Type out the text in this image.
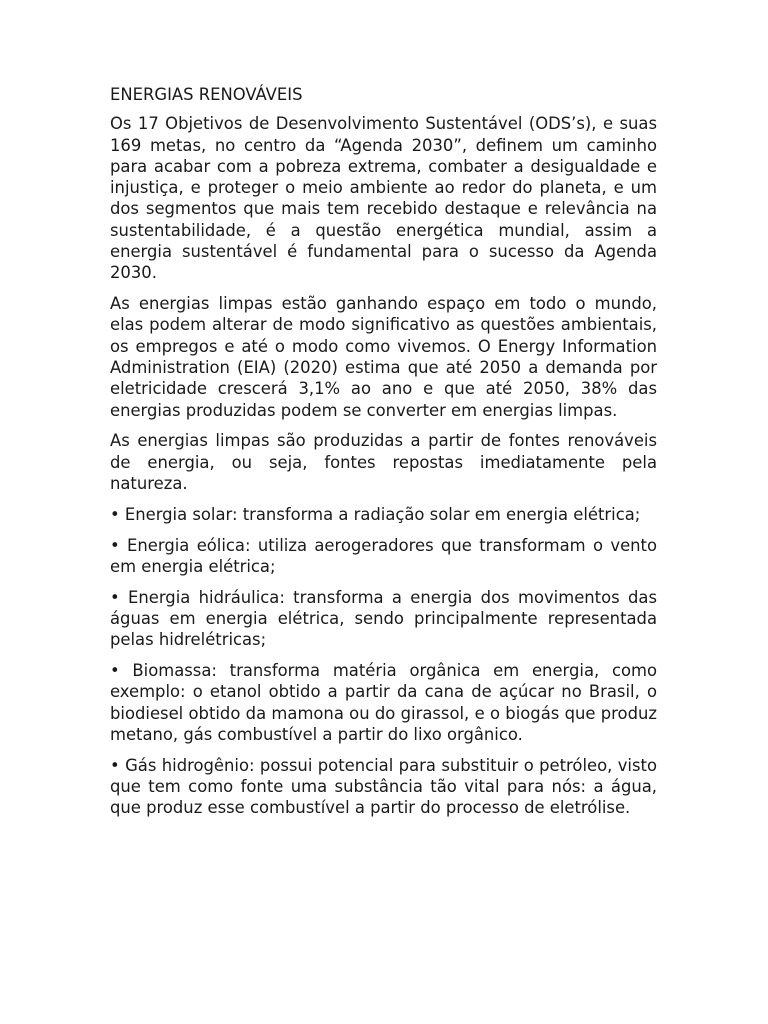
ENERGIAS RENOVÁVEIS

Os 17 Objetivos de Desenvolvimento Sustentável (ODS’s), e suas 169 metas, no centro da “Agenda 2030”, definem um caminho para acabar com a pobreza extrema, combater a desigualdade e injustiça, e proteger o meio ambiente ao redor do planeta, e um dos segmentos que mais tem recebido destaque e relevância na sustentabilidade, é a questão energética mundial, assim a energia sustentável é fundamental para o sucesso da Agenda 2030.

As energias limpas estão ganhando espaço em todo o mundo, elas podem alterar de modo significativo as questões ambientais, os empregos e até o modo como vivemos. O Energy Information Administration (EIA) (2020) estima que até 2050 a demanda por eletricidade crescerá 3,1% ao ano e que até 2050, 38% das energias produzidas podem se converter em energias limpas.

As energias limpas são produzidas a partir de fontes renováveis de energia, ou seja, fontes repostas imediatamente pela natureza.

• Energia solar: transforma a radiação solar em energia elétrica;

• Energia eólica: utiliza aerogeradores que transformam o vento em energia elétrica;

• Energia hidráulica: transforma a energia dos movimentos das águas em energia elétrica, sendo principalmente representada pelas hidrelétricas;

• Biomassa: transforma matéria orgânica em energia, como exemplo: o etanol obtido a partir da cana de açúcar no Brasil, o biodiesel obtido da mamona ou do girassol, e o biogás que produz metano, gás combustível a partir do lixo orgânico.

• Gás hidrogênio: possui potencial para substituir o petróleo, visto que tem como fonte uma substância tão vital para nós: a água, que produz esse combustível a partir do processo de eletrólise.
